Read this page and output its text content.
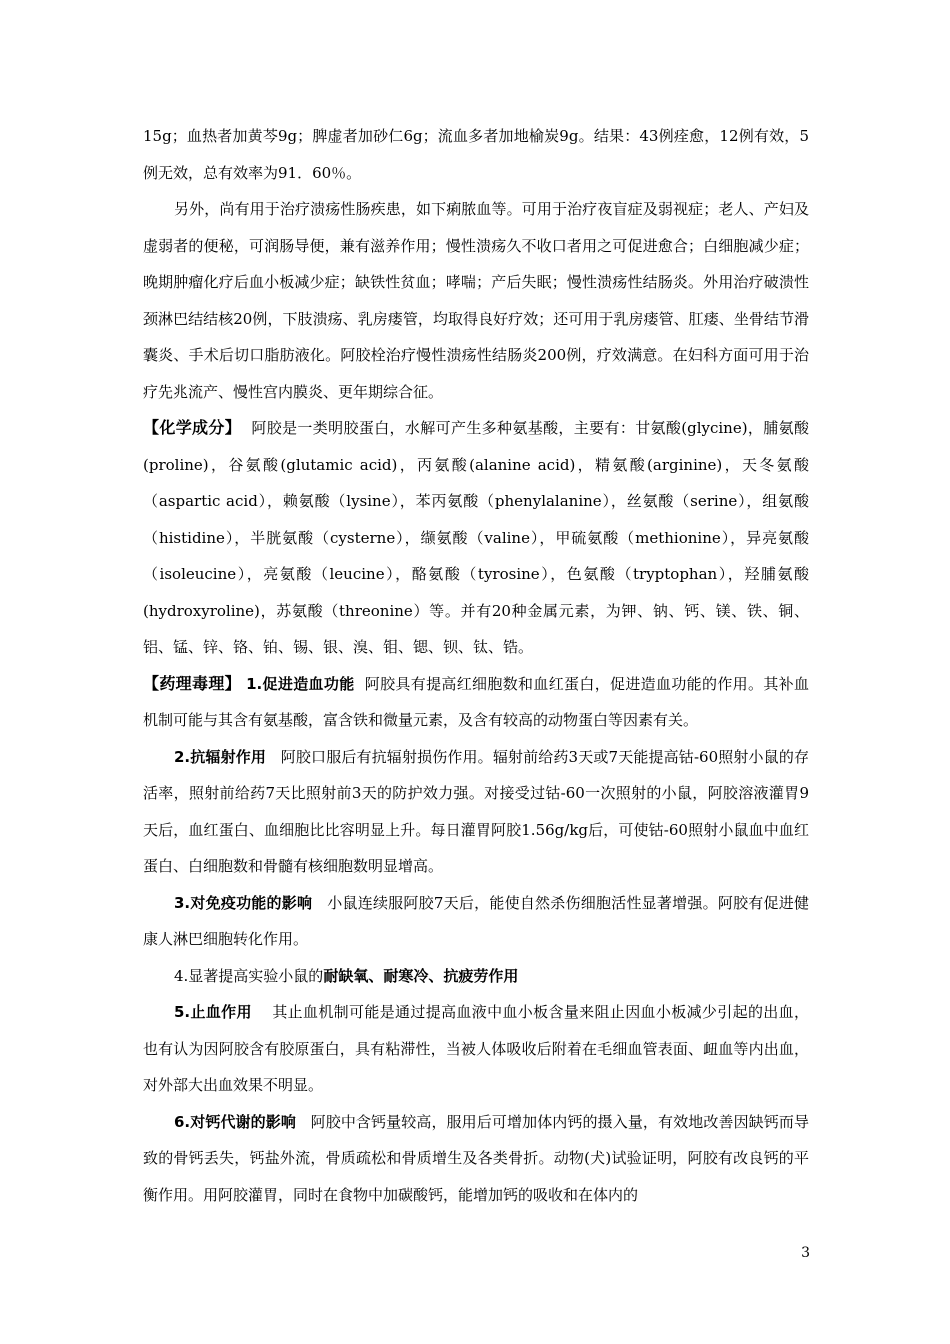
15g；血热者加黄芩9g；脾虚者加砂仁6g；流血多者加地榆炭9g。结果：43例痊愈，12例有效，5例无效，总有效率为91．60％。

另外，尚有用于治疗溃疡性肠疾患，如下痢脓血等。可用于治疗夜盲症及弱视症；老人、产妇及虚弱者的便秘，可润肠导便，兼有滋养作用；慢性溃疡久不收口者用之可促进愈合；白细胞减少症；晚期肿瘤化疗后血小板减少症；缺铁性贫血；哮喘；产后失眠；慢性溃疡性结肠炎。外用治疗破溃性颈淋巴结结核20例，下肢溃疡、乳房瘘管，均取得良好疗效；还可用于乳房瘘管、肛瘘、坐骨结节滑囊炎、手术后切口脂肪液化。阿胶栓治疗慢性溃疡性结肠炎200例，疗效满意。在妇科方面可用于治疗先兆流产、慢性宫内膜炎、更年期综合征。

【化学成分】 阿胶是一类明胶蛋白，水解可产生多种氨基酸，主要有：甘氨酸(glycine)，脯氨酸(proline)，谷氨酸(glutamic acid)，丙氨酸(alanine acid)，精氨酸(arginine)，天冬氨酸（aspartic acid），赖氨酸（lysine），苯丙氨酸（phenylalanine），丝氨酸（serine），组氨酸（histidine），半胱氨酸（cysterne），缬氨酸（valine），甲硫氨酸（methionine），异亮氨酸（isoleucine），亮氨酸（leucine），酪氨酸（tyrosine），色氨酸（tryptophan），羟脯氨酸(hydroxyroline)，苏氨酸（threonine）等。并有20种金属元素，为钾、钠、钙、镁、铁、铜、铝、锰、锌、铬、铂、锡、银、溴、钼、锶、钡、钛、锆。

【药理毒理】 1.促进造血功能 阿胶具有提高红细胞数和血红蛋白，促进造血功能的作用。其补血机制可能与其含有氨基酸，富含铁和微量元素，及含有较高的动物蛋白等因素有关。

2.抗辐射作用 阿胶口服后有抗辐射损伤作用。辐射前给药3天或7天能提高钴-60照射小鼠的存活率，照射前给药7天比照射前3天的防护效力强。对接受过钴-60一次照射的小鼠，阿胶溶液灌胃9天后，血红蛋白、血细胞比比容明显上升。每日灌胃阿胶1.56g/kg后，可使钴-60照射小鼠血中血红蛋白、白细胞数和骨髓有核细胞数明显增高。

3.对免疫功能的影响 小鼠连续服阿胶7天后，能使自然杀伤细胞活性显著增强。阿胶有促进健康人淋巴细胞转化作用。

4.显著提高实验小鼠的耐缺氧、耐寒冷、抗疲劳作用

5.止血作用 其止血机制可能是通过提高血液中血小板含量来阻止因血小板减少引起的出血，也有认为因阿胶含有胶原蛋白，具有粘滞性，当被人体吸收后附着在毛细血管表面、衄血等内出血，对外部大出血效果不明显。

6.对钙代谢的影响 阿胶中含钙量较高，服用后可增加体内钙的摄入量，有效地改善因缺钙而导致的骨钙丢失，钙盐外流，骨质疏松和骨质增生及各类骨折。动物(犬)试验证明，阿胶有改良钙的平衡作用。用阿胶灌胃，同时在食物中加碳酸钙，能增加钙的吸收和在体内的

3
